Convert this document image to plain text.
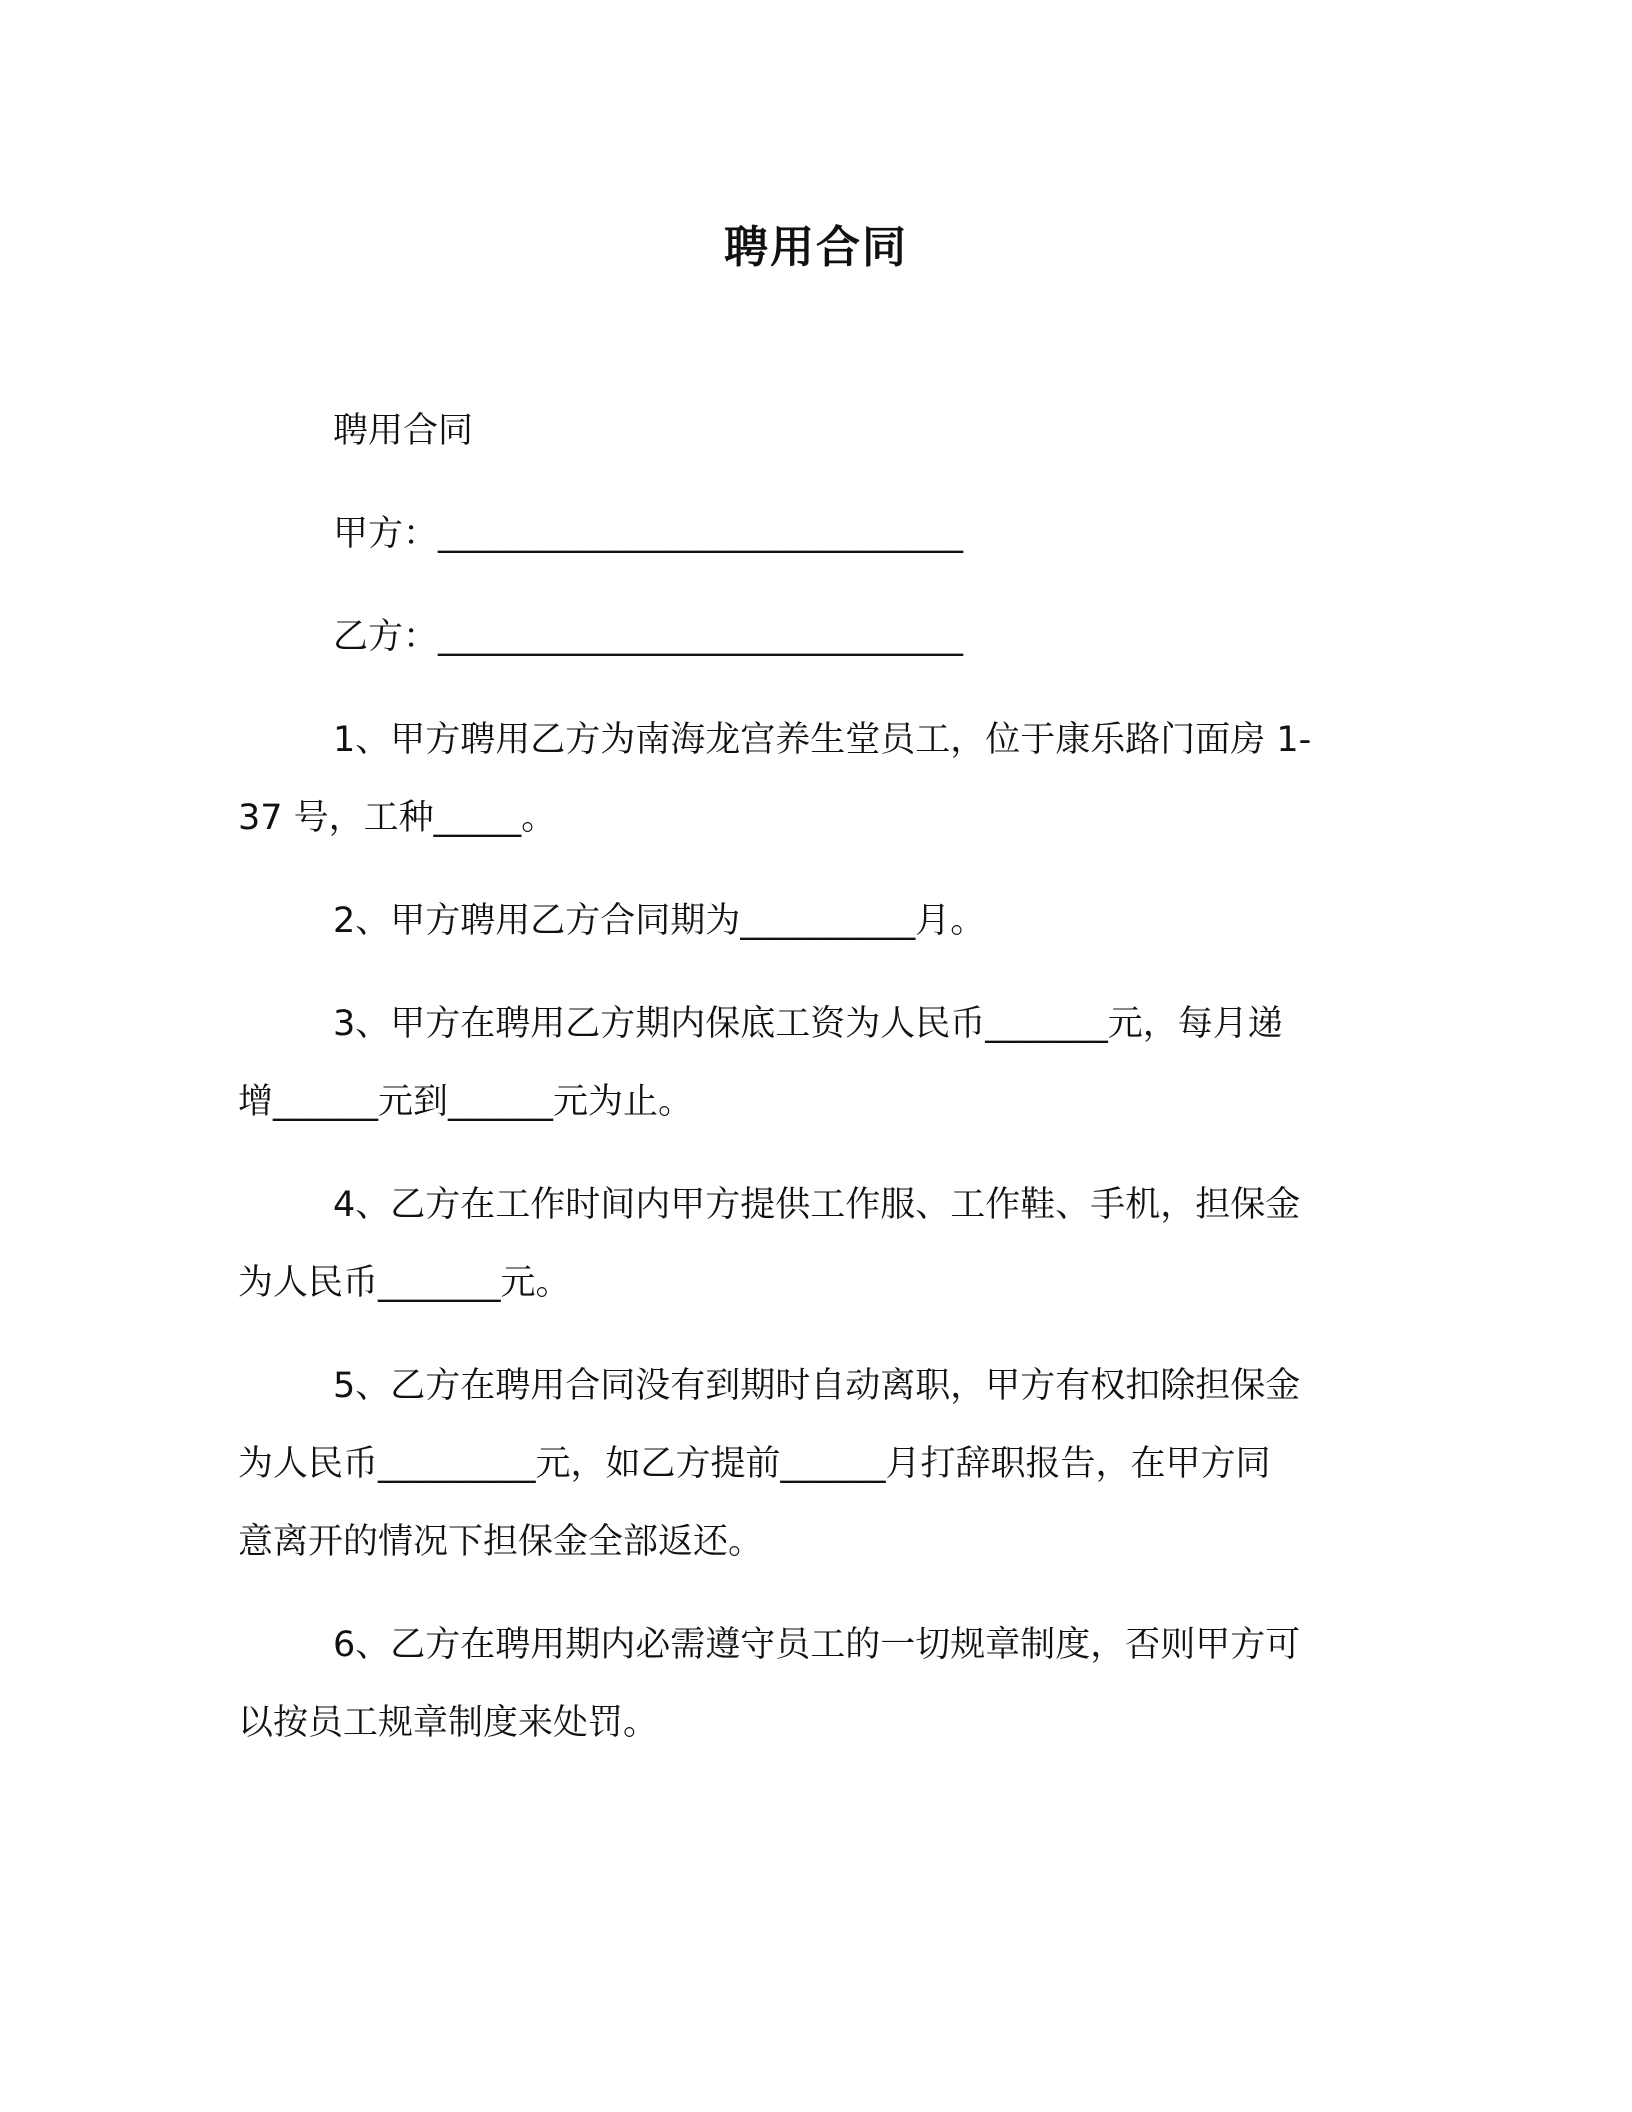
聘用合同

聘用合同

甲方：______________________________

乙方：______________________________

1、甲方聘用乙方为南海龙宫养生堂员工，位于康乐路门面房 1-
37 号，工种_____。

2、甲方聘用乙方合同期为__________月。

3、甲方在聘用乙方期内保底工资为人民币_______元，每月递
增______元到______元为止。

4、乙方在工作时间内甲方提供工作服、工作鞋、手机，担保金
为人民币_______元。

5、乙方在聘用合同没有到期时自动离职，甲方有权扣除担保金
为人民币_________元，如乙方提前______月打辞职报告，在甲方同
意离开的情况下担保金全部返还。

6、乙方在聘用期内必需遵守员工的一切规章制度，否则甲方可
以按员工规章制度来处罚。
